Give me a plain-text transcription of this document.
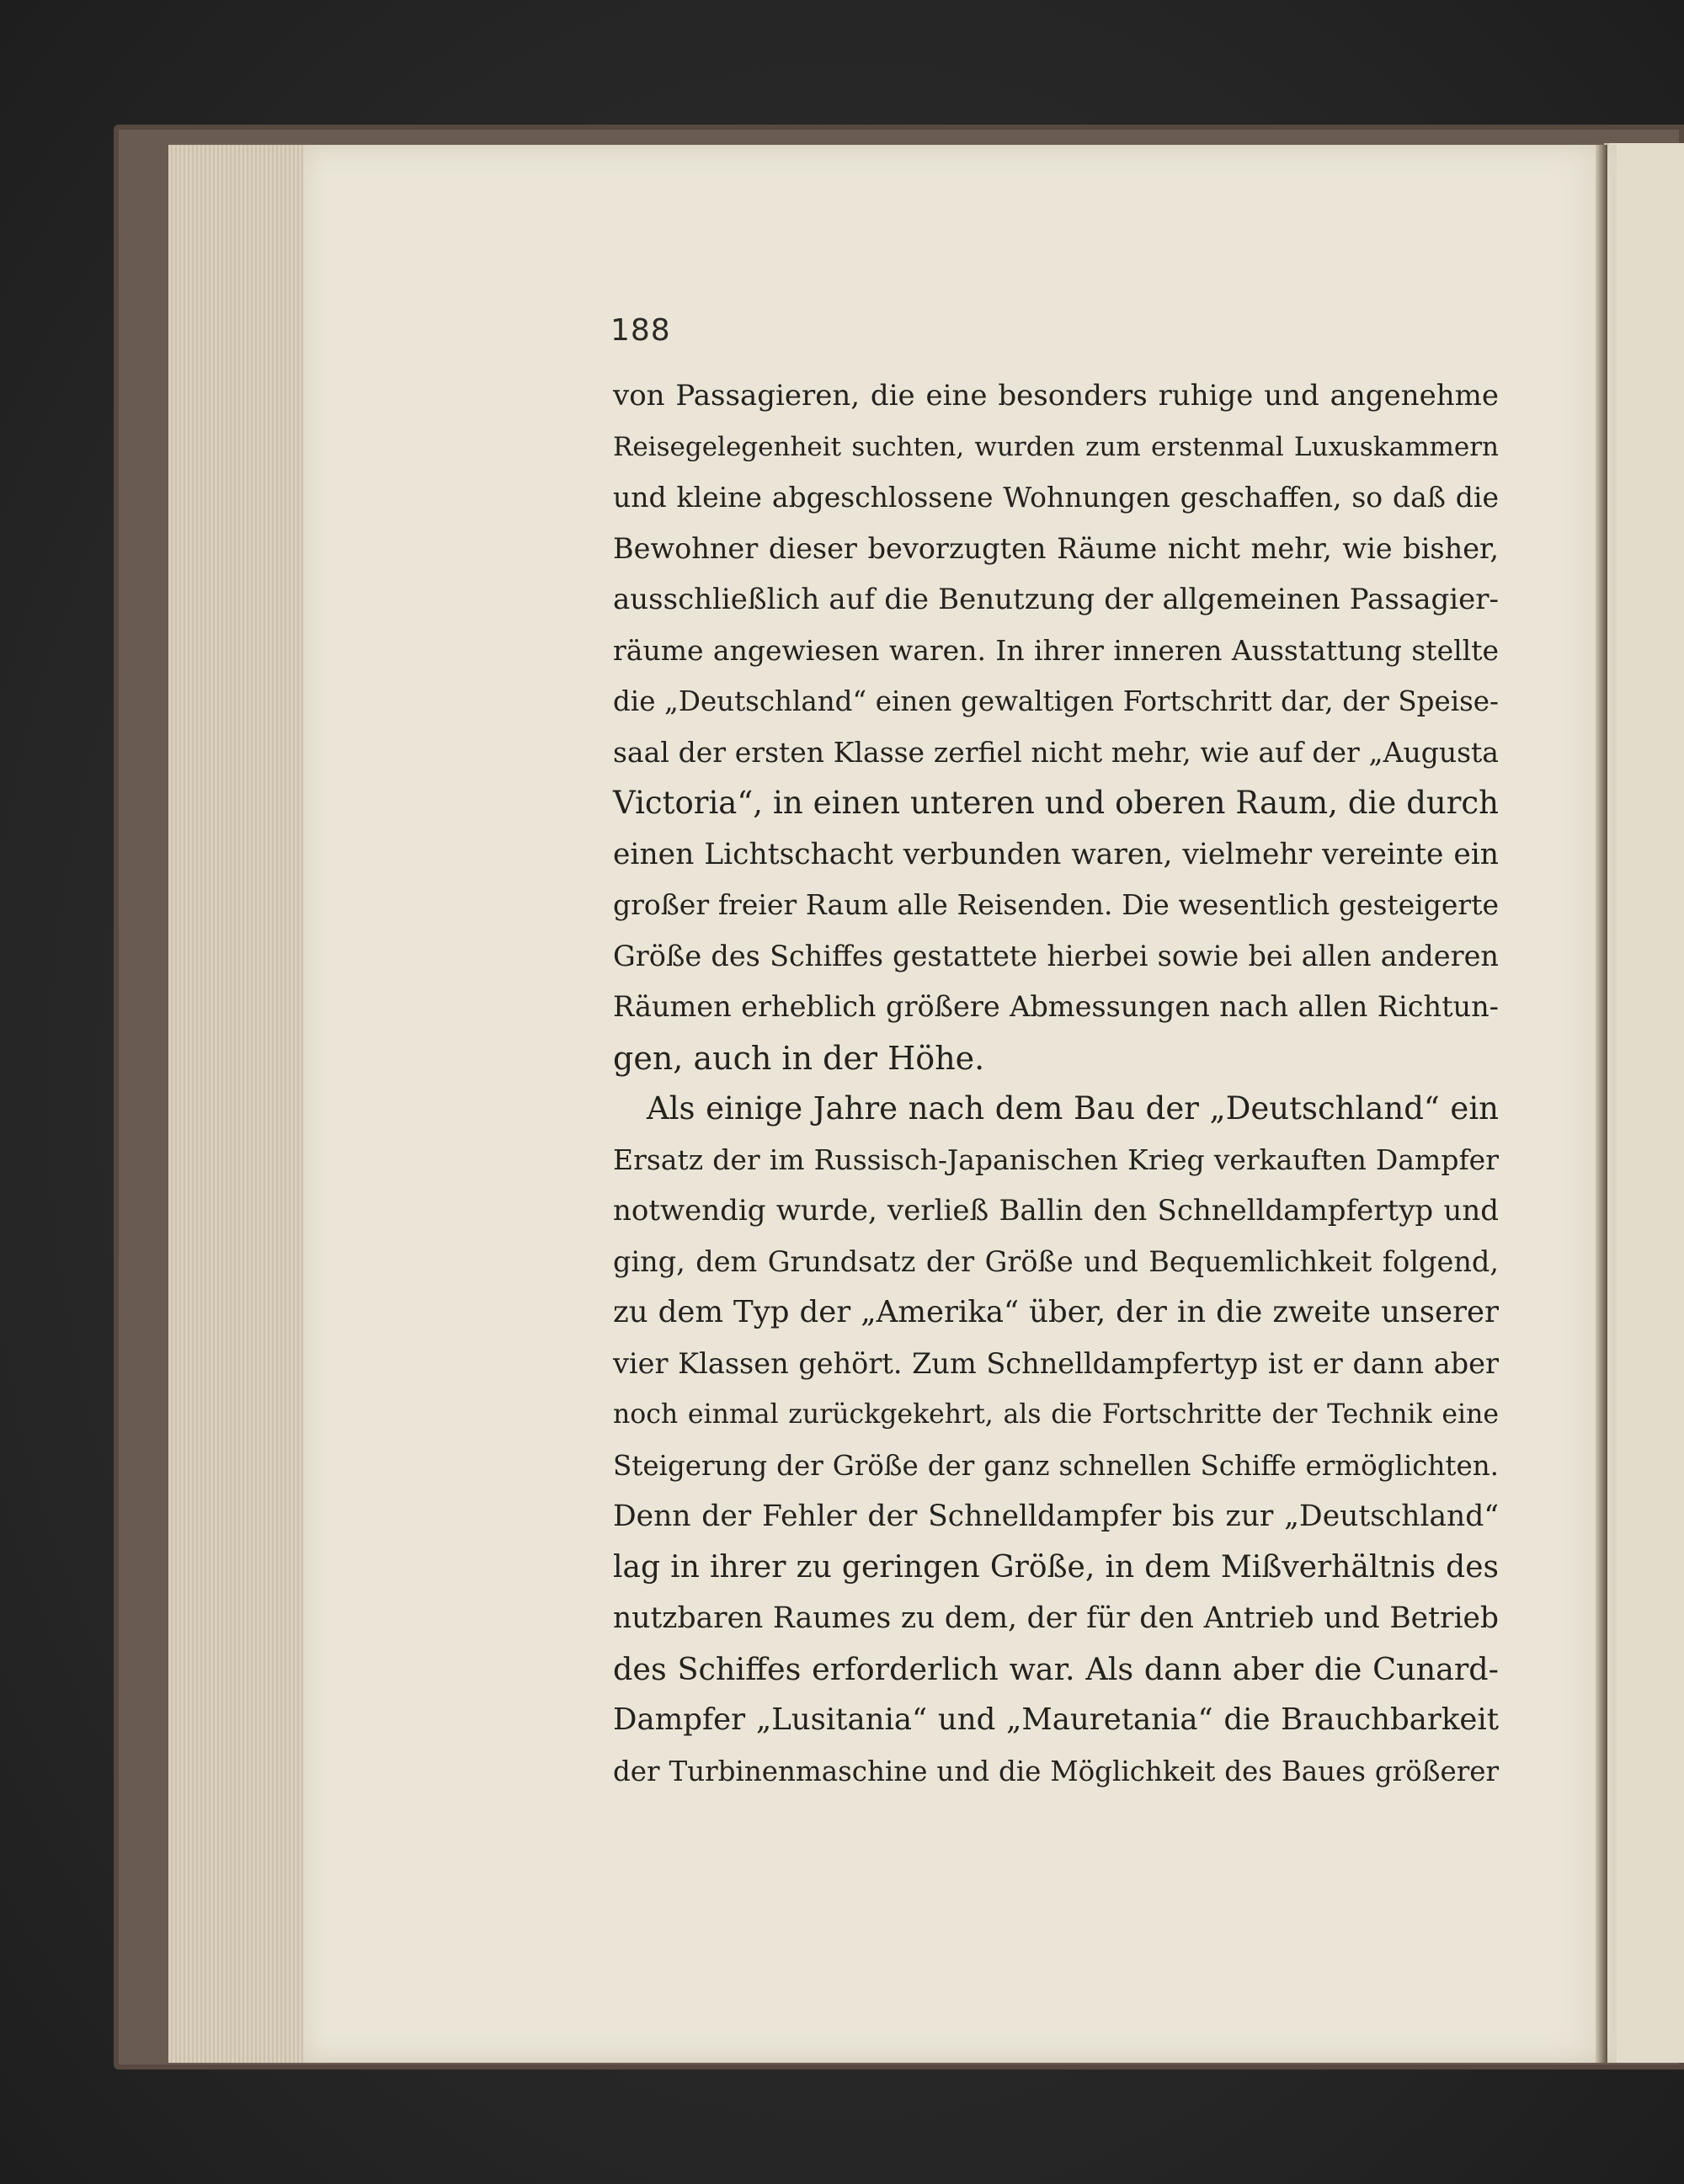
188
von Passagieren, die eine besonders ruhige und angenehme
Reisegelegenheit suchten, wurden zum erstenmal Luxuskammern
und kleine abgeschlossene Wohnungen geschaffen, so daß die
Bewohner dieser bevorzugten Räume nicht mehr, wie bisher,
ausschließlich auf die Benutzung der allgemeinen Passagier-
räume angewiesen waren. In ihrer inneren Ausstattung stellte
die „Deutschland“ einen gewaltigen Fortschritt dar, der Speise-
saal der ersten Klasse zerfiel nicht mehr, wie auf der „Augusta
Victoria“, in einen unteren und oberen Raum, die durch
einen Lichtschacht verbunden waren, vielmehr vereinte ein
großer freier Raum alle Reisenden. Die wesentlich gesteigerte
Größe des Schiffes gestattete hierbei sowie bei allen anderen
Räumen erheblich größere Abmessungen nach allen Richtun-
gen, auch in der Höhe.
Als einige Jahre nach dem Bau der „Deutschland“ ein
Ersatz der im Russisch-Japanischen Krieg verkauften Dampfer
notwendig wurde, verließ Ballin den Schnelldampfertyp und
ging, dem Grundsatz der Größe und Bequemlichkeit folgend,
zu dem Typ der „Amerika“ über, der in die zweite unserer
vier Klassen gehört. Zum Schnelldampfertyp ist er dann aber
noch einmal zurückgekehrt, als die Fortschritte der Technik eine
Steigerung der Größe der ganz schnellen Schiffe ermöglichten.
Denn der Fehler der Schnelldampfer bis zur „Deutschland“
lag in ihrer zu geringen Größe, in dem Mißverhältnis des
nutzbaren Raumes zu dem, der für den Antrieb und Betrieb
des Schiffes erforderlich war. Als dann aber die Cunard-
Dampfer „Lusitania“ und „Mauretania“ die Brauchbarkeit
der Turbinenmaschine und die Möglichkeit des Baues größerer
